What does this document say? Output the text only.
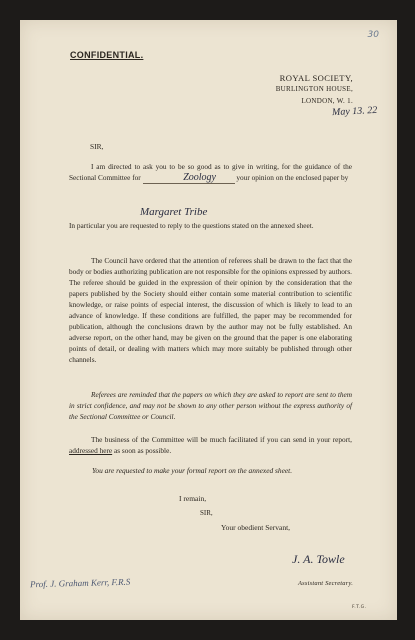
30
CONFIDENTIAL.
ROYAL SOCIETY,
BURLINGTON HOUSE,
LONDON, W. 1.
May 13. 22
SIR,
I am directed to ask you to be so good as to give in writing, for the guidance of the Sectional Committee for	Zoology	your opinion on the enclosed paper by
Margaret Tribe
In particular you are requested to reply to the questions stated on the annexed sheet.
The Council have ordered that the attention of referees shall be drawn to the fact that the body or bodies authorizing publication are not responsible for the opinions expressed by authors. The referee should be guided in the expression of their opinion by the consideration that the papers published by the Society should either contain some material contribution to scientific knowledge, or raise points of especial interest, the discussion of which is likely to lead to an advance of knowledge. If these conditions are fulfilled, the paper may be recommended for publication, although the conclusions drawn by the author may not be fully established. An adverse report, on the other hand, may be given on the ground that the paper is one elaborating points of detail, or dealing with matters which may more suitably be published through other channels.
Referees are reminded that the papers on which they are asked to report are sent to them in strict confidence, and may not be shown to any other person without the express authority of the Sectional Committee or Council.
The business of the Committee will be much facilitated if you can send in your report, addressed here as soon as possible.
You are requested to make your formal report on the annexed sheet.
I remain,
SIR,
Your obedient Servant,
J. A. Towle
Prof. J. Graham Kerr, F.R.S	Assistant Secretary.
F.T.G.
